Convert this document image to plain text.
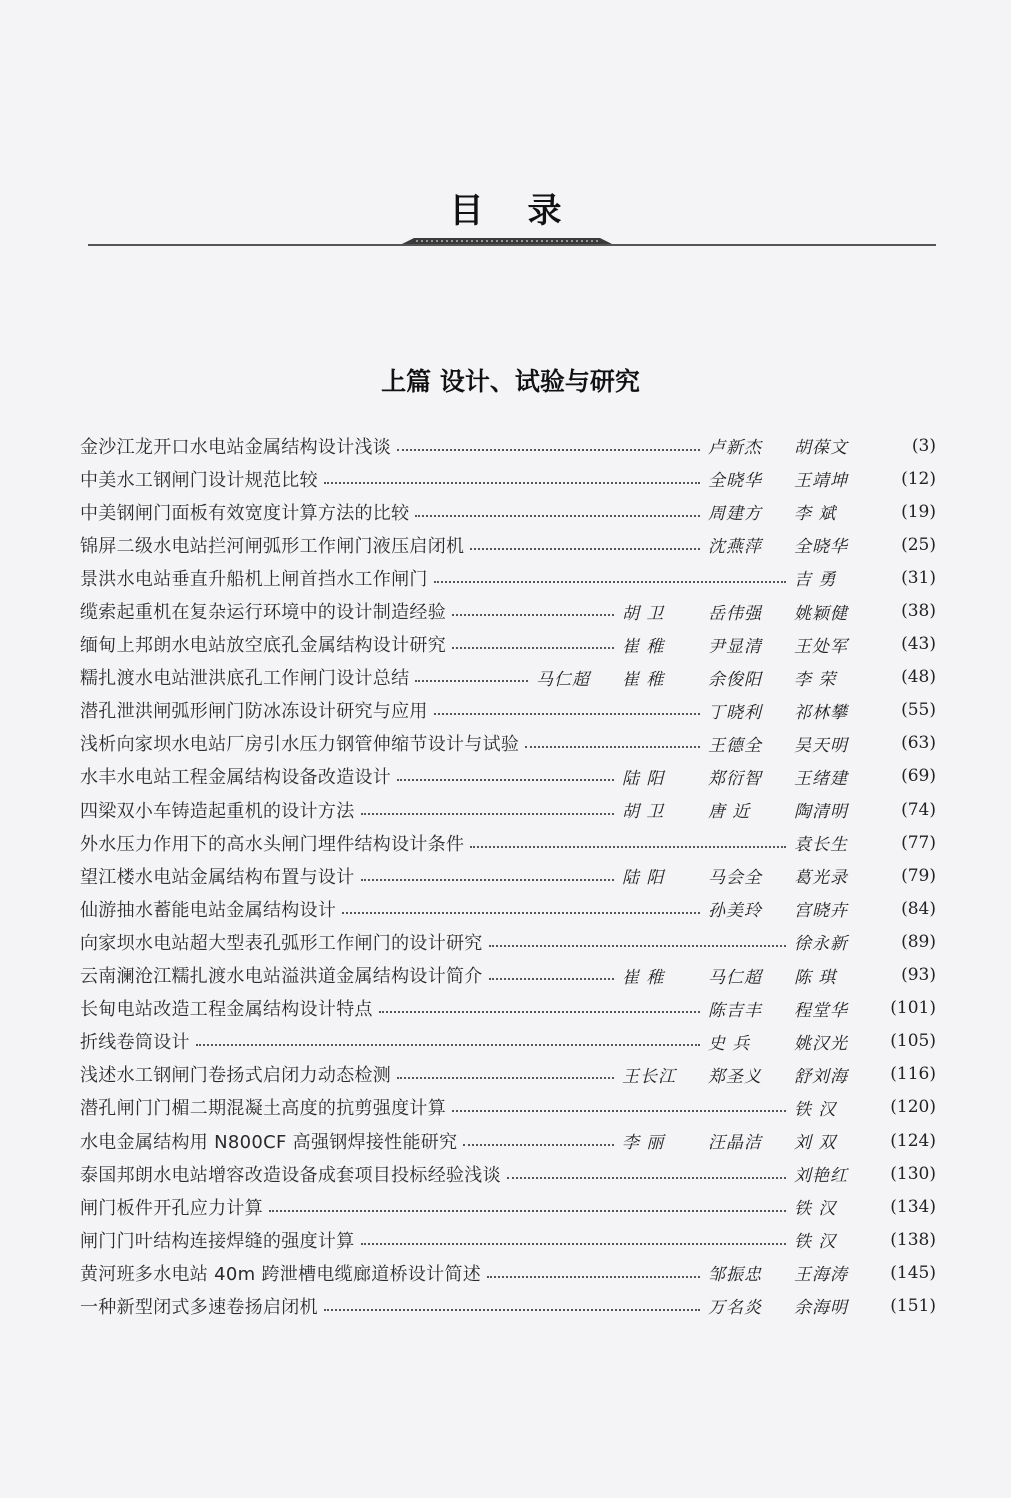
目录
上篇 设计、试验与研究
金沙江龙开口水电站金属结构设计浅谈	卢新杰	胡葆文	(3)
中美水工钢闸门设计规范比较	全晓华	王靖坤	(12)
中美钢闸门面板有效宽度计算方法的比较	周建方	李 斌	(19)
锦屏二级水电站拦河闸弧形工作闸门液压启闭机	沈燕萍	全晓华	(25)
景洪水电站垂直升船机上闸首挡水工作闸门	吉 勇	(31)
缆索起重机在复杂运行环境中的设计制造经验	胡 卫	岳伟强	姚颖健	(38)
缅甸上邦朗水电站放空底孔金属结构设计研究	崔 稚	尹显清	王处军	(43)
糯扎渡水电站泄洪底孔工作闸门设计总结	马仁超	崔 稚	余俊阳	李 荣	(48)
潜孔泄洪闸弧形闸门防冰冻设计研究与应用	丁晓利	祁林攀	(55)
浅析向家坝水电站厂房引水压力钢管伸缩节设计与试验	王德全	吴天明	(63)
水丰水电站工程金属结构设备改造设计	陆 阳	郑衍智	王绪建	(69)
四梁双小车铸造起重机的设计方法	胡 卫	唐 近	陶清明	(74)
外水压力作用下的高水头闸门埋件结构设计条件	袁长生	(77)
望江楼水电站金属结构布置与设计	陆 阳	马会全	葛光录	(79)
仙游抽水蓄能电站金属结构设计	孙美玲	宫晓卉	(84)
向家坝水电站超大型表孔弧形工作闸门的设计研究	徐永新	(89)
云南澜沧江糯扎渡水电站溢洪道金属结构设计简介	崔 稚	马仁超	陈 琪	(93)
长甸电站改造工程金属结构设计特点	陈吉丰	程堂华	(101)
折线卷筒设计	史 兵	姚汉光	(105)
浅述水工钢闸门卷扬式启闭力动态检测	王长江	郑圣义	舒刘海	(116)
潜孔闸门门楣二期混凝土高度的抗剪强度计算	铁 汉	(120)
水电金属结构用 N800CF 高强钢焊接性能研究	李 丽	汪晶洁	刘 双	(124)
泰国邦朗水电站增容改造设备成套项目投标经验浅谈	刘艳红	(130)
闸门板件开孔应力计算	铁 汉	(134)
闸门门叶结构连接焊缝的强度计算	铁 汉	(138)
黄河班多水电站 40m 跨泄槽电缆廊道桥设计简述	邹振忠	王海涛	(145)
一种新型闭式多速卷扬启闭机	万名炎	余海明	(151)
